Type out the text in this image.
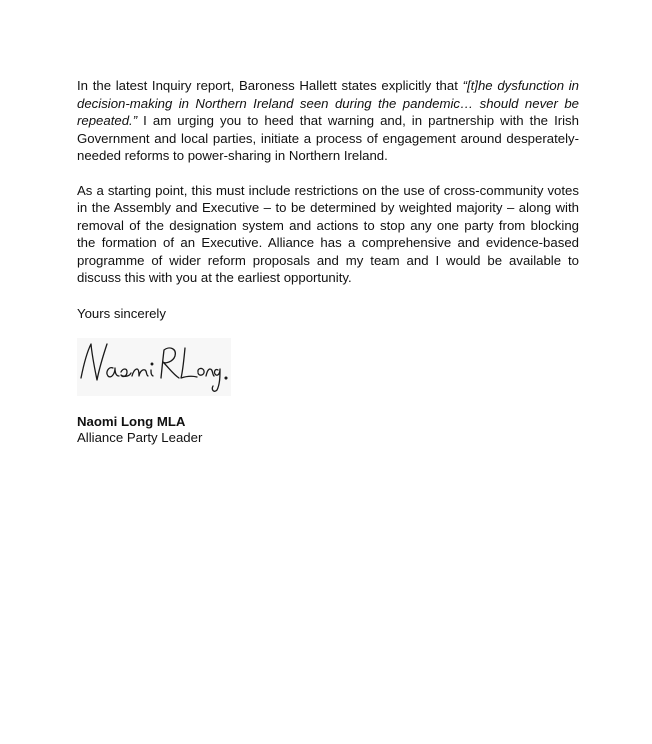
In the latest Inquiry report, Baroness Hallett states explicitly that “[t]he dysfunction in decision-making in Northern Ireland seen during the pandemic… should never be repeated.” I am urging you to heed that warning and, in partnership with the Irish Government and local parties, initiate a process of engagement around desperately-needed reforms to power-sharing in Northern Ireland.

As a starting point, this must include restrictions on the use of cross-community votes in the Assembly and Executive – to be determined by weighted majority – along with removal of the designation system and actions to stop any one party from blocking the formation of an Executive. Alliance has a comprehensive and evidence-based programme of wider reform proposals and my team and I would be available to discuss this with you at the earliest opportunity.

Yours sincerely

Naomi Long MLA

Alliance Party Leader
